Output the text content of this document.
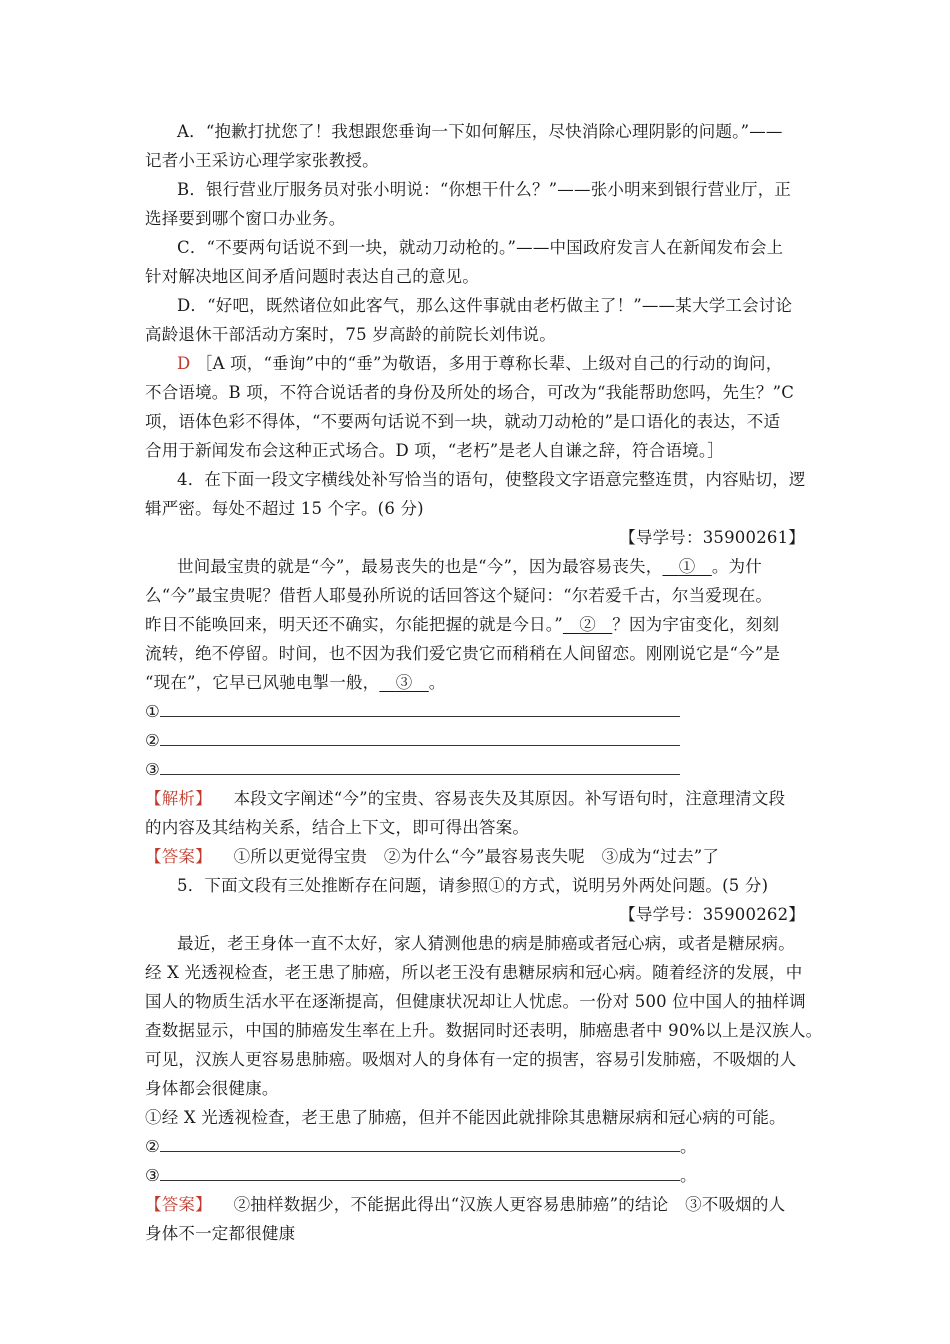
A．“抱歉打扰您了！我想跟您垂询一下如何解压，尽快消除心理阴影的问题。”——
记者小王采访心理学家张教授。
B．银行营业厅服务员对张小明说：“你想干什么？”——张小明来到银行营业厅，正
选择要到哪个窗口办业务。
C．“不要两句话说不到一块，就动刀动枪的。”——中国政府发言人在新闻发布会上
针对解决地区间矛盾问题时表达自己的意见。
D．“好吧，既然诸位如此客气，那么这件事就由老朽做主了！”——某大学工会讨论
高龄退休干部活动方案时，75 岁高龄的前院长刘伟说。
D ［A 项，“垂询”中的“垂”为敬语，多用于尊称长辈、上级对自己的行动的询问，
不合语境。B 项，不符合说话者的身份及所处的场合，可改为“我能帮助您吗，先生？”C
项，语体色彩不得体，“不要两句话说不到一块，就动刀动枪的”是口语化的表达，不适
合用于新闻发布会这种正式场合。D 项，“老朽”是老人自谦之辞，符合语境。］
4．在下面一段文字横线处补写恰当的语句，使整段文字语意完整连贯，内容贴切，逻
辑严密。每处不超过 15 个字。(6 分)
【导学号：35900261】
世间最宝贵的就是“今”，最易丧失的也是“今”，因为最容易丧失， ① 。为什
么“今”最宝贵呢？借哲人耶曼孙所说的话回答这个疑问：“尔若爱千古，尔当爱现在。
昨日不能唤回来，明天还不确实，尔能把握的就是今日。” ② ？因为宇宙变化，刻刻
流转，绝不停留。时间，也不因为我们爱它贵它而稍稍在人间留恋。刚刚说它是“今”是
“现在”，它早已风驰电掣一般， ③ 。
①
②
③
【解析】 本段文字阐述“今”的宝贵、容易丧失及其原因。补写语句时，注意理清文段
的内容及其结构关系，结合上下文，即可得出答案。
【答案】 ①所以更觉得宝贵　②为什么“今”最容易丧失呢　③成为“过去”了
5．下面文段有三处推断存在问题，请参照①的方式，说明另外两处问题。(5 分)
【导学号：35900262】
最近，老王身体一直不太好，家人猜测他患的病是肺癌或者冠心病，或者是糖尿病。
经 X 光透视检查，老王患了肺癌，所以老王没有患糖尿病和冠心病。随着经济的发展，中
国人的物质生活水平在逐渐提高，但健康状况却让人忧虑。一份对 500 位中国人的抽样调
查数据显示，中国的肺癌发生率在上升。数据同时还表明，肺癌患者中 90%以上是汉族人。
可见，汉族人更容易患肺癌。吸烟对人的身体有一定的损害，容易引发肺癌，不吸烟的人
身体都会很健康。
①经 X 光透视检查，老王患了肺癌，但并不能因此就排除其患糖尿病和冠心病的可能。
②	。
③	。
【答案】 ②抽样数据少，不能据此得出“汉族人更容易患肺癌”的结论　③不吸烟的人
身体不一定都很健康
